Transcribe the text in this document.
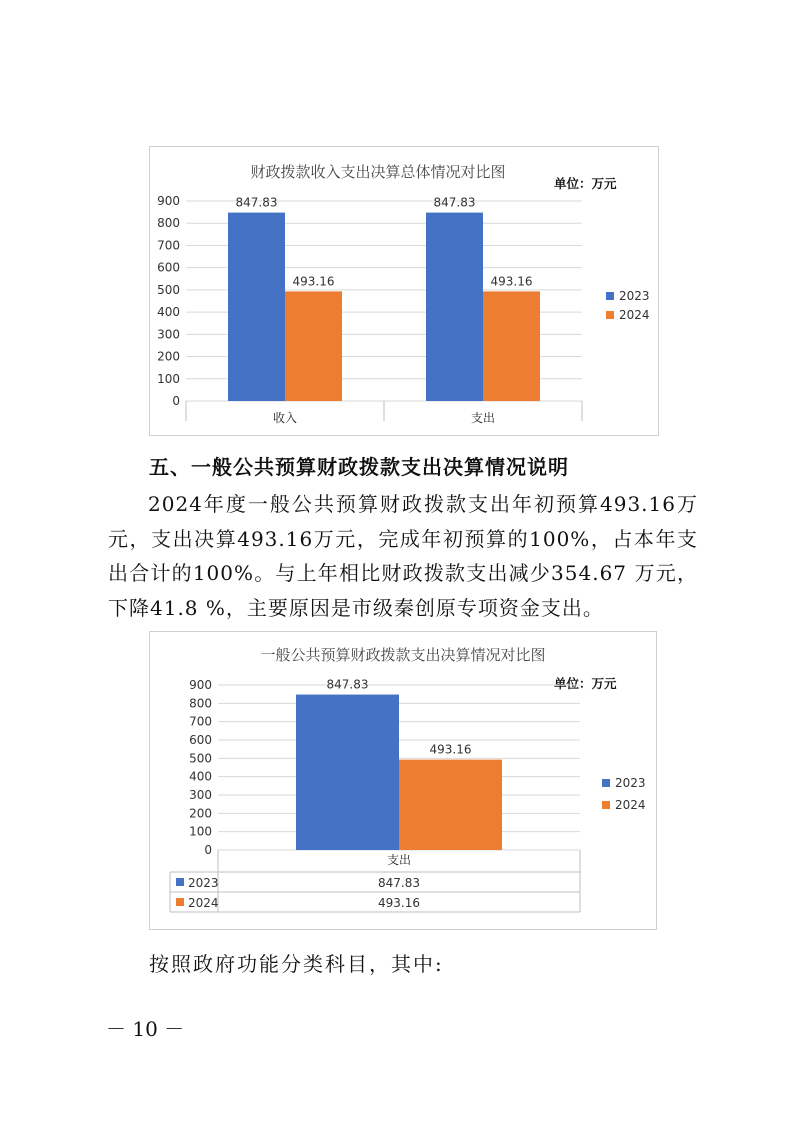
财政拨款收入支出决算总体情况对比图
单位：万元
0
100
200
300
400
500
600
700
800
900	847.83
493.16
收入
847.83
493.16
支出
2023
2024
五、一般公共预算财政拨款支出决算情况说明
2024年度一般公共预算财政拨款支出年初预算493.16万元，支出决算493.16万元，完成年初预算的100%，占本年支出合计的100%。与上年相比财政拨款支出减少354.67 万元，下降41.8 %，主要原因是市级秦创原专项资金支出。
一般公共预算财政拨款支出决算情况对比图
单位：万元
0
100
200
300
400
500
600
700
800
900	847.83
493.16
支出
2023
2024
2023	847.83
2024	493.16
按照政府功能分类科目，其中:
－ 10 －
